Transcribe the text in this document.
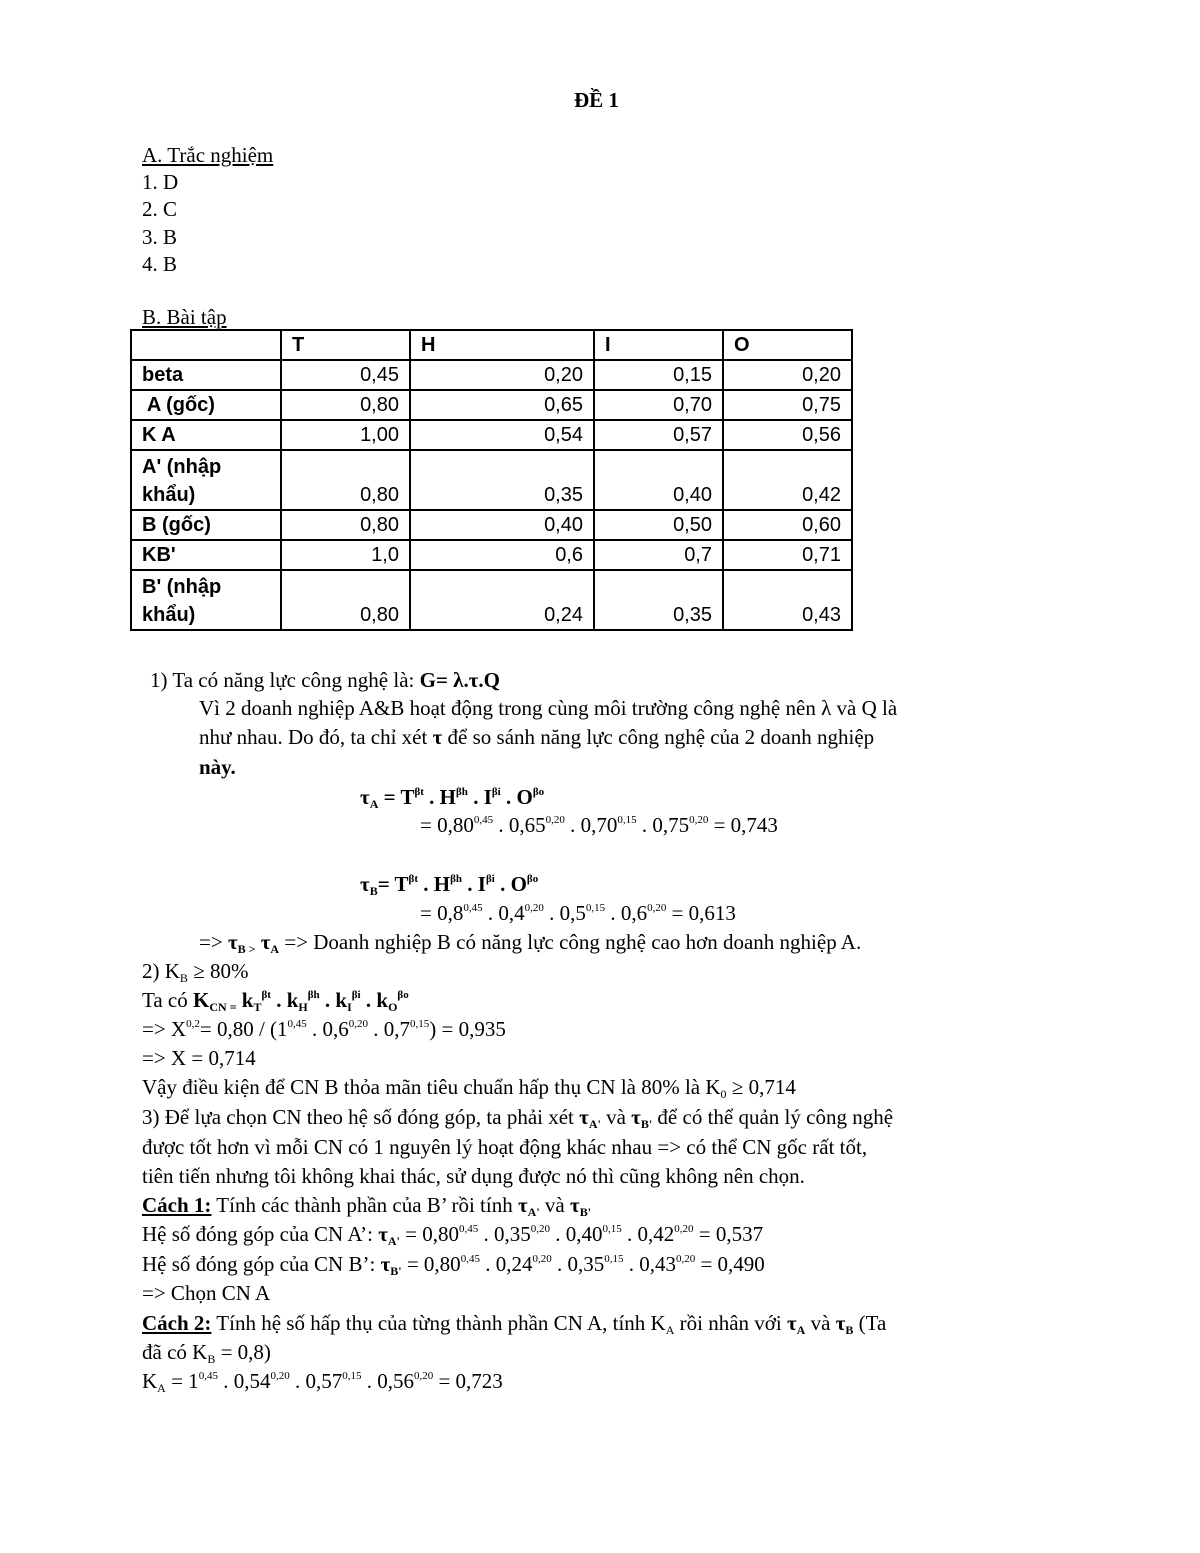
ĐỀ 1
A. Trắc nghiệm
1. D
2. C
3. B
4. B
B. Bài tập
	T	H	I	O
beta	0,45	0,20	0,15	0,20
A (gốc)	0,80	0,65	0,70	0,75
K A	1,00	0,54	0,57	0,56
A' (nhập khẩu)	0,80	0,35	0,40	0,42
B (gốc)	0,80	0,40	0,50	0,60
KB'	1,0	0,6	0,7	0,71
B' (nhập khẩu)	0,80	0,24	0,35	0,43
1) Ta có năng lực công nghệ là: G= λ.τ.Q
Vì 2 doanh nghiệp A&B hoạt động trong cùng môi trường công nghệ nên λ và Q là
như nhau. Do đó, ta chỉ xét τ để so sánh năng lực công nghệ của 2 doanh nghiệp
này.
$\tau_A = T^{\beta t}$ . $H^{\beta h}$ . $I^{\beta i}$ . $O^{\beta o}$
= $0,80^{0,45}$ . 0,65$^{0,20}$ . 0,70$^{0,15}$ . $0,75^{0,20} = 0,743$
$\tau_B= T^{\beta t}$ . $H^{\beta h}$ . $I^{\beta i}$ . $O^{\beta o}$
= $0,8^{0,45}$ . 0,4$^{0,20}$ . 0,5$^{0,15}$ . $0,6^{0,20} = 0,613$
=> $\tau_{B >}$ $\tau_A$ => Doanh nghiệp B có năng lực công nghệ cao hơn doanh nghiệp A.
2) $K_B \ge 80\%$
Ta có $K_{CN =}$ $k_T^{\beta t}$ . $k_H^{\beta h}$ . $k_I^{\beta i}$ . $k_O^{\beta o}$
=> X$^{0,2}$= 0,80 / (1$^{0,45}$ . 0,6$^{0,20}$ . $0,7^{0,15}) = 0,935$
=> X = 0,714
Vậy điều kiện để CN B thỏa mãn tiêu chuẩn hấp thụ CN là 80% là $K_0 \ge 0,714$
3) Để lựa chọn CN theo hệ số đóng góp, ta phải xét $\tau_{A'}$ và $\tau_{B'}$ để có thể quản lý công nghệ
được tốt hơn vì mỗi CN có 1 nguyên lý hoạt động khác nhau => có thể CN gốc rất tốt,
tiên tiến nhưng tôi không khai thác, sử dụng được nó thì cũng không nên chọn.
Cách 1: Tính các thành phần của B’ rồi tính $\tau_{A'}$ và $\tau_{B'}$
Hệ số đóng góp của CN A’: $\tau_{A'} = 0,80^{0,45}$ . 0,35$^{0,20}$ . 0,40$^{0,15}$ . $0,42^{0,20} = 0,537$
Hệ số đóng góp của CN B’: $\tau_{B'} = 0,80^{0,45}$ . 0,24$^{0,20}$ . 0,35$^{0,15}$ . $0,43^{0,20} = 0,490$
=> Chọn CN A
Cách 2: Tính hệ số hấp thụ của từng thành phần CN A, tính $K_A$ rồi nhân với $\tau_A$ và $\tau_B$ (Ta
đã có $K_B = 0,8$)
$K_A = 1^{0,45}$ . 0,54$^{0,20}$ . 0,57$^{0,15}$ . $0,56^{0,20} = 0,723$
